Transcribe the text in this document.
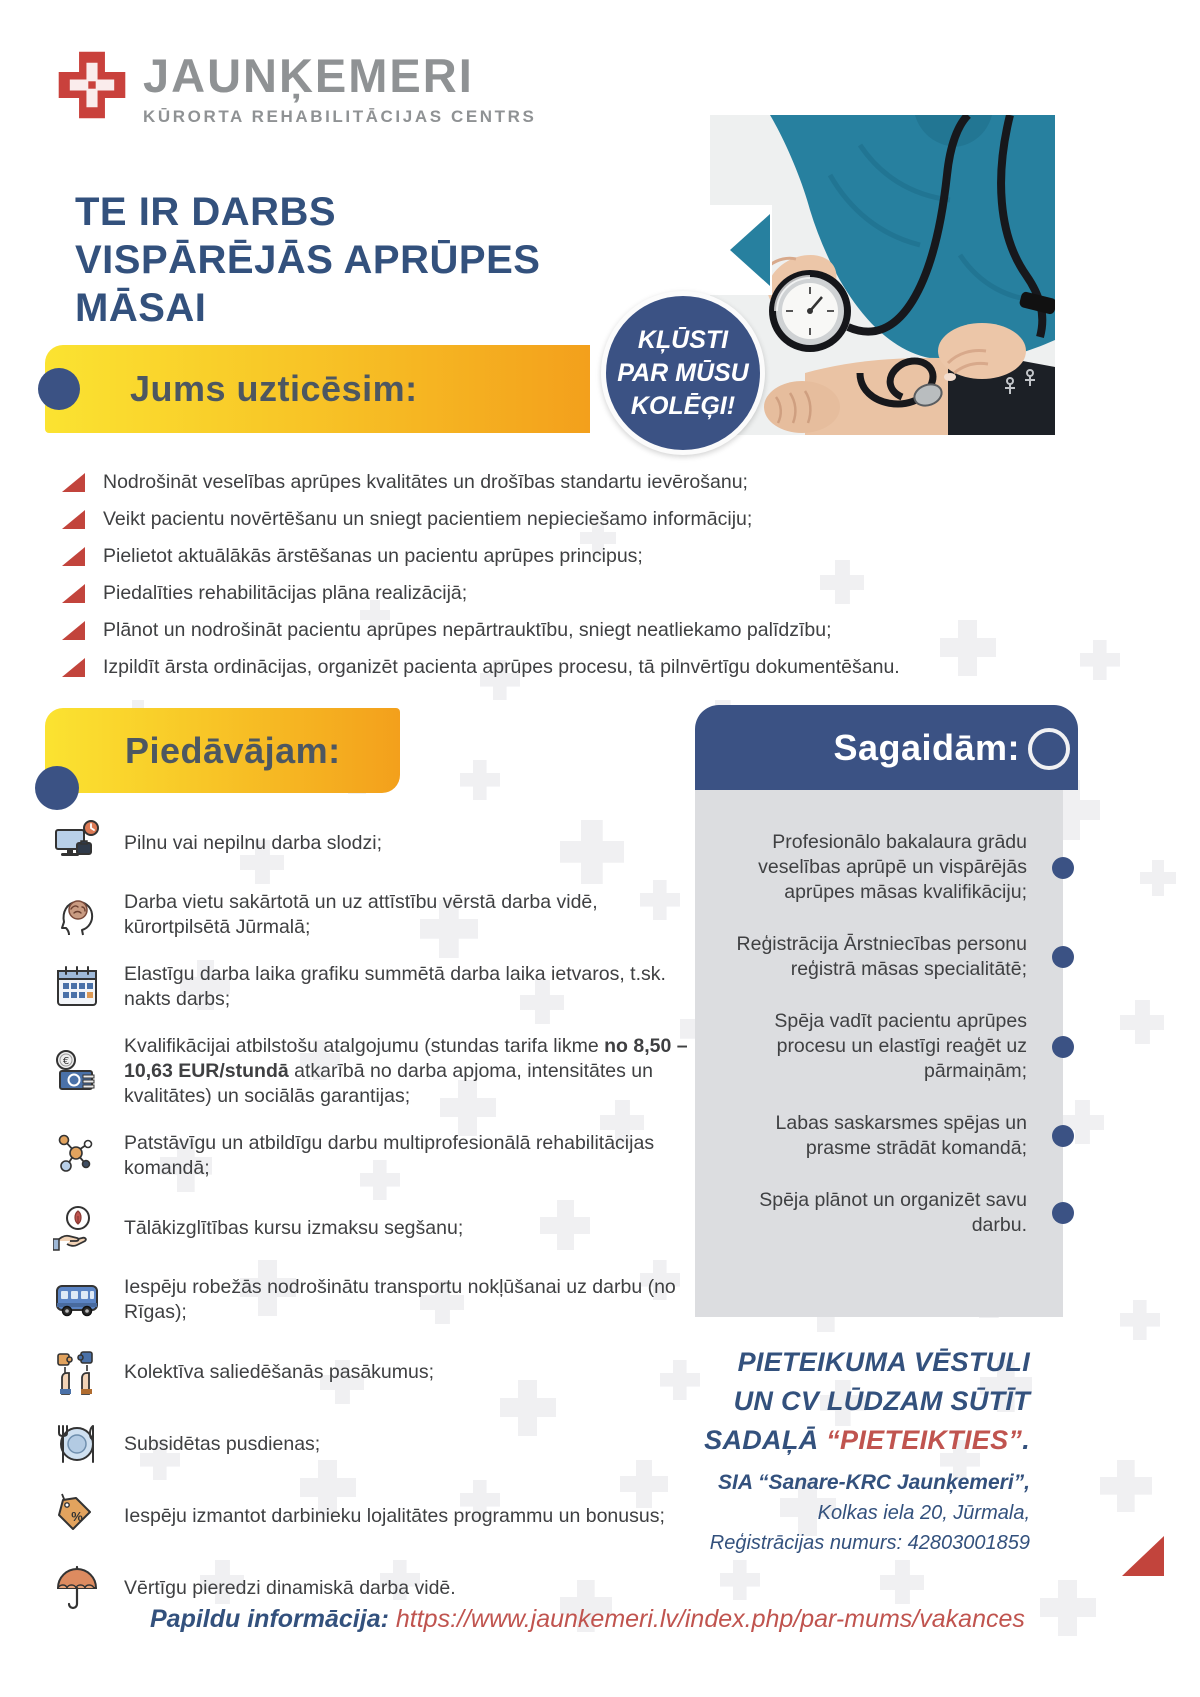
JAUNĶEMERI
KŪRORTA REHABILITĀCIJAS CENTRS
TE IR DARBS
VISPĀRĒJĀS APRŪPES
MĀSAI
Jums uzticēsim:
KĻŪSTI
PAR MŪSU
KOLĒĢI!
Nodrošināt veselības aprūpes kvalitātes un drošības standartu ievērošanu;
Veikt pacientu novērtēšanu un sniegt pacientiem nepieciešamo informāciju;
Pielietot aktuālākās ārstēšanas un pacientu aprūpes principus;
Piedalīties rehabilitācijas plāna realizācijā;
Plānot un nodrošināt pacientu aprūpes nepārtrauktību, sniegt neatliekamo palīdzību;
Izpildīt ārsta ordinācijas, organizēt pacienta aprūpes procesu, tā pilnvērtīgu dokumentēšanu.
Piedāvājam:

Pilnu vai nepilnu darba slodzi;

Darba vietu sakārtotā un uz attīstību vērstā darba vidē, kūrortpilsētā Jūrmalā;

Elastīgu darba laika grafiku summētā darba laika ietvaros, t.sk. nakts darbs;

€

Kvalifikācijai atbilstošu atalgojumu (stundas tarifa likme no 8,50 – 10,63 EUR/stundā atkarībā no darba apjoma, intensitātes un kvalitātes) un sociālās garantijas;

Patstāvīgu un atbildīgu darbu multiprofesionālā rehabilitācijas komandā;

Tālākizglītības kursu izmaksu segšanu;

Iespēju robežās nodrošinātu transportu nokļūšanai uz darbu (no Rīgas);

Kolektīva saliedēšanās pasākumus;

Subsidētas pusdienas;

% Iespēju izmantot darbinieku lojalitātes programmu un bonusus;

Vērtīgu pieredzi dinamiskā darba vidē.

Sagaidām:
Profesionālo bakalaura grādu veselības aprūpē un vispārējās aprūpes māsas kvalifikāciju;
Reģistrācija Ārstniecības personu reģistrā māsas specialitātē;
Spēja vadīt pacientu aprūpes procesu un elastīgi reaģēt uz pārmaiņām;
Labas saskarsmes spējas un prasme strādāt komandā;
Spēja plānot un organizēt savu darbu.
PIETEIKUMA VĒSTULI
UN CV LŪDZAM SŪTĪT
SADAĻĀ “PIETEIKTIES”.
SIA “Sanare-KRC Jaunķemeri”,
Kolkas iela 20, Jūrmala,
Reģistrācijas numurs: 42803001859
Papildu informācija: https://www.jaunkemeri.lv/index.php/par-mums/vakances
